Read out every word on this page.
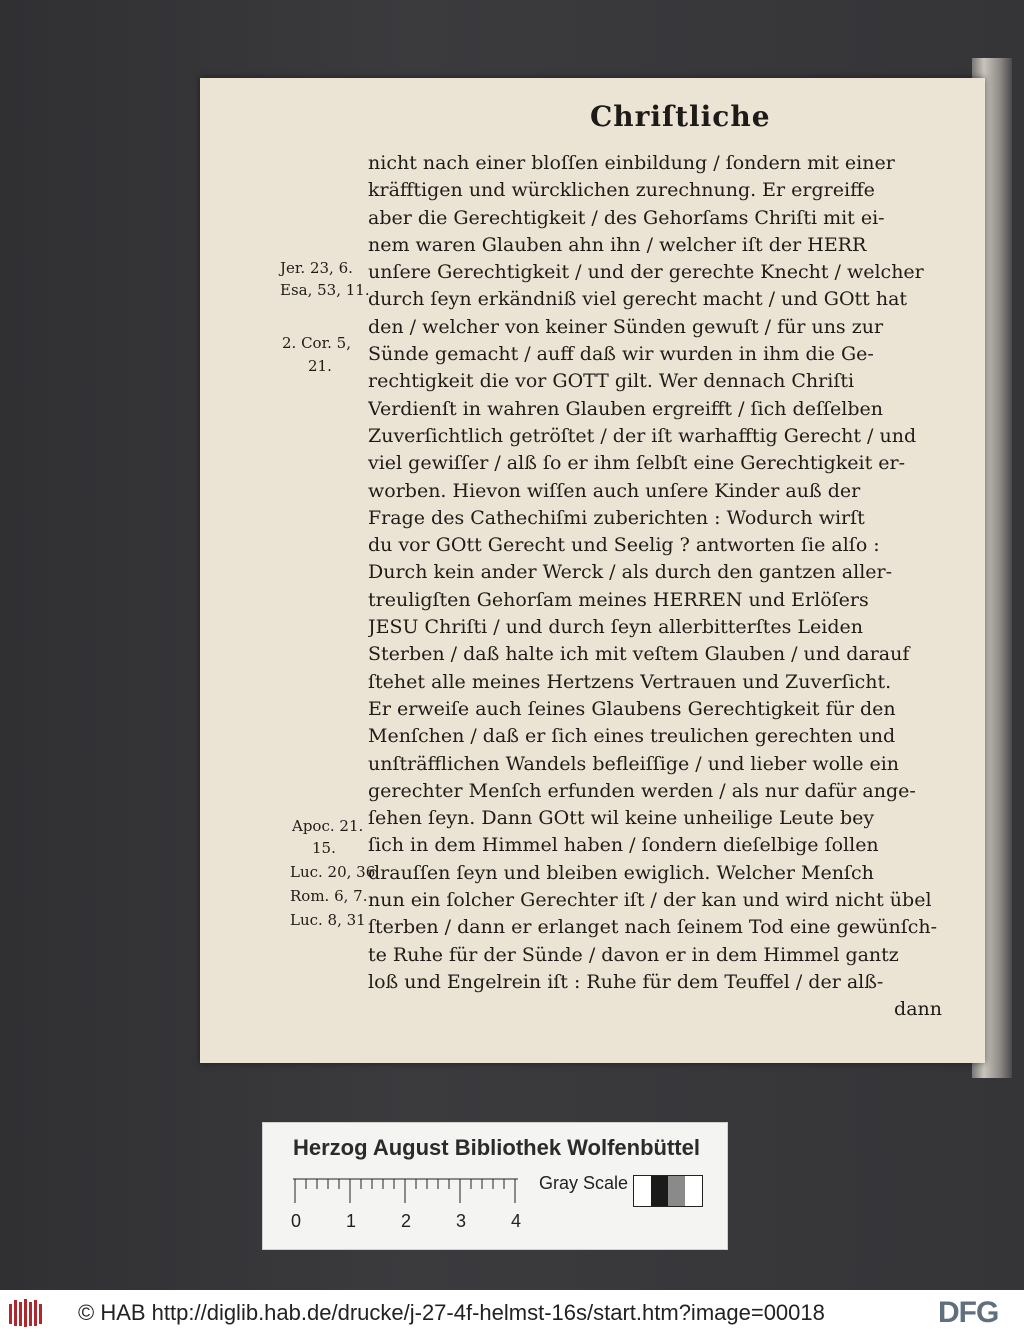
Chriſtliche
nicht nach einer bloſſen einbildung / ſondern mit einer
kräfftigen und würcklichen zurechnung. Er ergreiffe
aber die Gerechtigkeit / des Gehorſams Chriſti mit ei-
nem waren Glauben ahn ihn / welcher iſt der HERR
unſere Gerechtigkeit / und der gerechte Knecht / welcher
durch ſeyn erkändniß viel gerecht macht / und GOtt hat
den / welcher von keiner Sünden gewuſt / für uns zur
Sünde gemacht / auff daß wir wurden in ihm die Ge-
rechtigkeit die vor GOTT gilt. Wer dennach Chriſti
Verdienſt in wahren Glauben ergreifft / ſich deſſelben
Zuverſichtlich getröſtet / der iſt warhafftig Gerecht / und
viel gewiſſer / alß ſo er ihm ſelbſt eine Gerechtigkeit er-
worben. Hievon wiſſen auch unſere Kinder auß der
Frage des Cathechiſmi zuberichten : Wodurch wirſt
du vor GOtt Gerecht und Seelig ? antworten ſie alſo :
Durch kein ander Werck / als durch den gantzen aller-
treuligſten Gehorſam meines HERREN und Erlöſers
JESU Chriſti / und durch ſeyn allerbitterſtes Leiden
Sterben / daß halte ich mit veſtem Glauben / und darauf
ſtehet alle meines Hertzens Vertrauen und Zuverſicht.
Er erweiſe auch ſeines Glaubens Gerechtigkeit für den
Menſchen / daß er ſich eines treulichen gerechten und
unſträfflichen Wandels befleiſſige / und lieber wolle ein
gerechter Menſch erfunden werden / als nur dafür ange-
ſehen ſeyn. Dann GOtt wil keine unheilige Leute bey
ſich in dem Himmel haben / ſondern dieſelbige ſollen
drauſſen ſeyn und bleiben ewiglich. Welcher Menſch
nun ein ſolcher Gerechter iſt / der kan und wird nicht übel
ſterben / dann er erlanget nach ſeinem Tod eine gewünſch-
te Ruhe für der Sünde / davon er in dem Himmel gantz
loß und Engelrein iſt : Ruhe für dem Teuffel / der alß-
dann
Jer. 23, 6.
Esa, 53, 11.
2. Cor. 5,
21.
Apoc. 21.
15.
Luc. 20, 36
Rom. 6, 7.
Luc. 8, 31
Herzog August Bibliothek Wolfenbüttel
0 1 2 3 4
Gray Scale
© HAB http://diglib.hab.de/drucke/j-27-4f-helmst-16s/start.htm?image=00018	DFG
